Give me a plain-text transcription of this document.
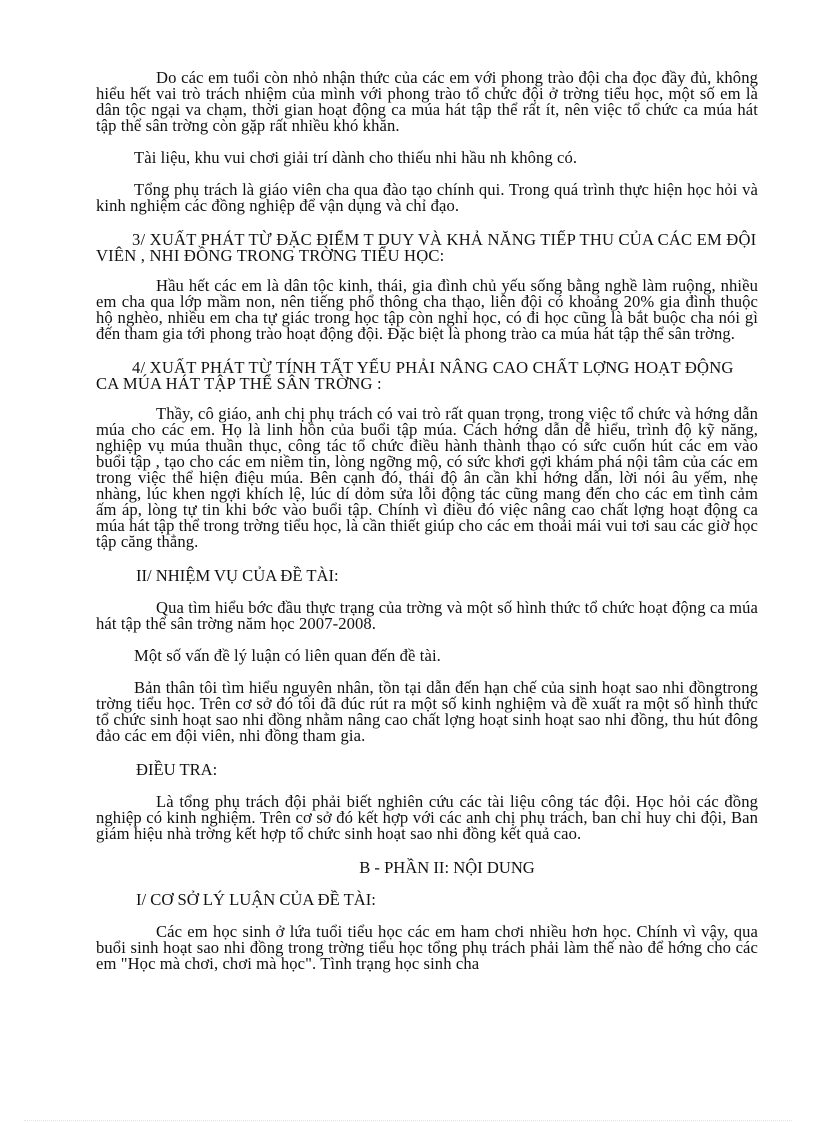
Do các em tuổi còn nhỏ nhận thức của các em với phong trào đội cha đọc đầy đủ, không hiểu hết vai trò trách nhiệm của mình với phong trào tổ chức đội ở trờng tiểu học, một số em là dân tộc ngại va chạm, thời gian hoạt động ca múa hát tập thể rất ít, nên việc tổ chức ca múa hát tập thể sân trờng còn gặp rất nhiều khó khăn.

Tài liệu, khu vui chơi giải trí dành cho thiếu nhi hầu nh không có.

Tổng phụ trách là giáo viên cha qua đào tạo chính qui. Trong quá trình thực hiện học hỏi và kinh nghiệm các đồng nghiệp để vận dụng và chỉ đạo.

3/ XUẤT PHÁT TỪ ĐẶC ĐIỂM T DUY VÀ KHẢ NĂNG TIẾP THU CỦA CÁC EM ĐỘI VIÊN , NHI ĐỒNG TRONG TRỜNG TIỂU HỌC:

Hầu hết các em là dân tộc kinh, thái, gia đình chủ yếu sống bằng nghề làm ruộng, nhiều em cha qua lớp mầm non, nên tiếng phổ thông cha thạo, liên đội có khoảng 20% gia đình thuộc hộ nghèo, nhiều em cha tự giác trong học tập còn nghỉ học, có đi học cũng là bắt buộc cha nói gì đến tham gia tới phong trào hoạt động đội. Đặc biệt là phong trào ca múa hát tập thể sân trờng.

4/ XUẤT PHÁT TỪ TÍNH TẤT YẾU PHẢI NÂNG CAO CHẤT LỢNG HOẠT ĐỘNG CA MÚA HÁT TẬP THỂ SÂN TRỜNG :

Thầy, cô giáo, anh chị phụ trách có vai trò rất quan trọng, trong việc tổ chức và hớng dẫn múa cho các em. Họ là linh hồn của buổi tập múa. Cách hớng dẫn dễ hiểu, trình độ kỹ năng, nghiệp vụ múa thuần thục, công tác tổ chức điều hành thành thạo có sức cuốn hút các em vào buổi tập , tạo cho các em niềm tin, lòng ngỡng mộ, có sức khơi gợi khám phá nội tâm của các em trong việc thể hiện điệu múa. Bên cạnh đó, thái độ ân cần khi hớng dẫn, lời nói âu yếm, nhẹ nhàng, lúc khen ngợi khích lệ, lúc dí dỏm sửa lỗi động tác cũng mang đến cho các em tình cảm ấm áp, lòng tự tin khi bớc vào buổi tập. Chính vì điều đó việc nâng cao chất lợng hoạt động ca múa hát tập thể trong trờng tiểu học, là cần thiết giúp cho các em thoải mái vui tơi sau các giờ học tập căng thẳng.

II/ NHIỆM VỤ CỦA ĐỀ TÀI:

Qua tìm hiểu bớc đầu thực trạng của trờng và một số hình thức tổ chức hoạt động ca múa hát tập thể sân trờng năm học 2007-2008.

Một số vấn đề lý luận có liên quan đến đề tài.

Bản thân tôi tìm hiểu nguyên nhân, tồn tại dẫn đến hạn chế của sinh hoạt sao nhi đồngtrong trờng tiểu học. Trên cơ sở đó tôi đã đúc rút ra một số kinh nghiệm và đề xuất ra một số hình thức tổ chức sinh hoạt sao nhi đồng nhằm nâng cao chất lợng hoạt sinh hoạt sao nhi đồng, thu hút đông đảo các em đội viên, nhi đồng tham gia.

ĐIỀU TRA:

Là tổng phụ trách đội phải biết nghiên cứu các tài liệu công tác đội. Học hỏi các đồng nghiệp có kinh nghiệm. Trên cơ sở đó kết hợp với các anh chị phụ trách, ban chỉ huy chi đội, Ban giám hiệu nhà trờng kết hợp tổ chức sinh hoạt sao nhi đồng kết quả cao.

B - PHẦN II: NỘI DUNG
I/ CƠ SỞ LÝ LUẬN CỦA ĐỀ TÀI:

Các em học sinh ở lứa tuổi tiểu học các em ham chơi nhiều hơn học. Chính vì vậy, qua buổi sinh hoạt sao nhi đồng trong trờng tiểu học tổng phụ trách phải làm thế nào để hớng cho các em "Học mà chơi, chơi mà học". Tình trạng học sinh cha
